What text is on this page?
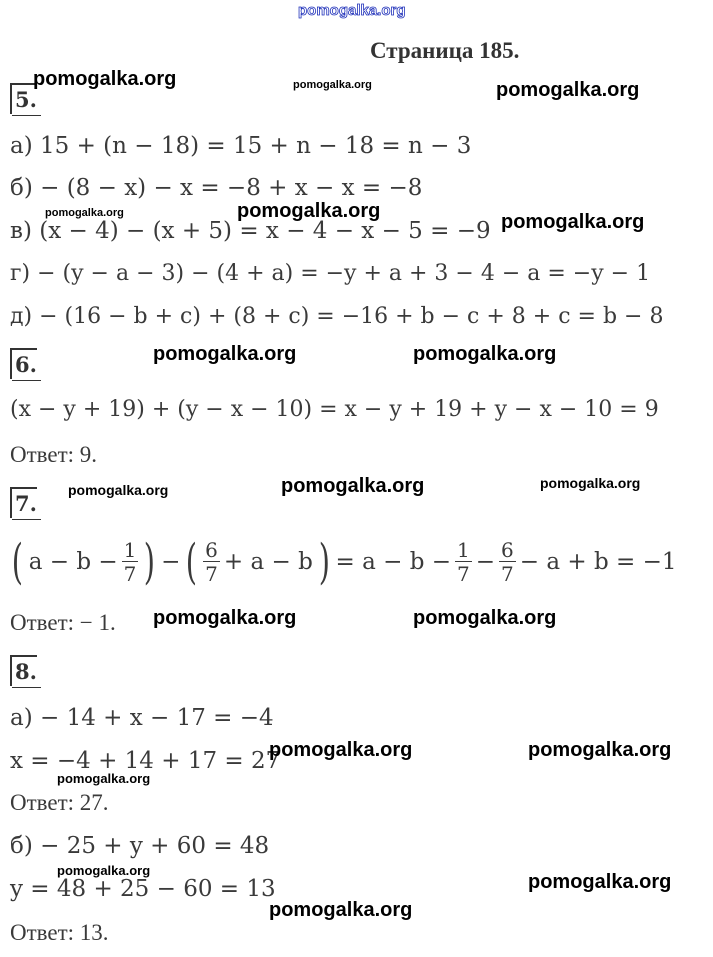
pomogalka.org
Страница 185.
5.
а) 15 + (n − 18) = 15 + n − 18 = n − 3
б) − (8 − x) − x = −8 + x − x = −8
в) (x − 4) − (x + 5) = x − 4 − x − 5 = −9
г) − (y − a − 3) − (4 + a) = −y + a + 3 − 4 − a = −y − 1
д) − (16 − b + c) + (8 + c) = −16 + b − c + 8 + c = b − 8
6.
(x − y + 19) + (y − x − 10) = x − y + 19 + y − x − 10 = 9
Ответ: 9.
7.
( $a - b - \frac{1}{7}$ ) − ( $\frac{6}{7} + a - b$ ) = $a - b - \frac{1}{7} - \frac{6}{7} - a + b = -1$
Ответ: − 1.
8.
а) − 14 + x − 17 = −4
x = −4 + 14 + 17 = 27
Ответ: 27.
б) − 25 + y + 60 = 48
y = 48 + 25 − 60 = 13
Ответ: 13.
pomogalka.org	pomogalka.org	pomogalka.org
pomogalka.org	pomogalka.org	pomogalka.org
pomogalka.org	pomogalka.org
pomogalka.org	pomogalka.org	pomogalka.org
pomogalka.org	pomogalka.org
pomogalka.org	pomogalka.org
pomogalka.org
pomogalka.org
pomogalka.org
pomogalka.org
